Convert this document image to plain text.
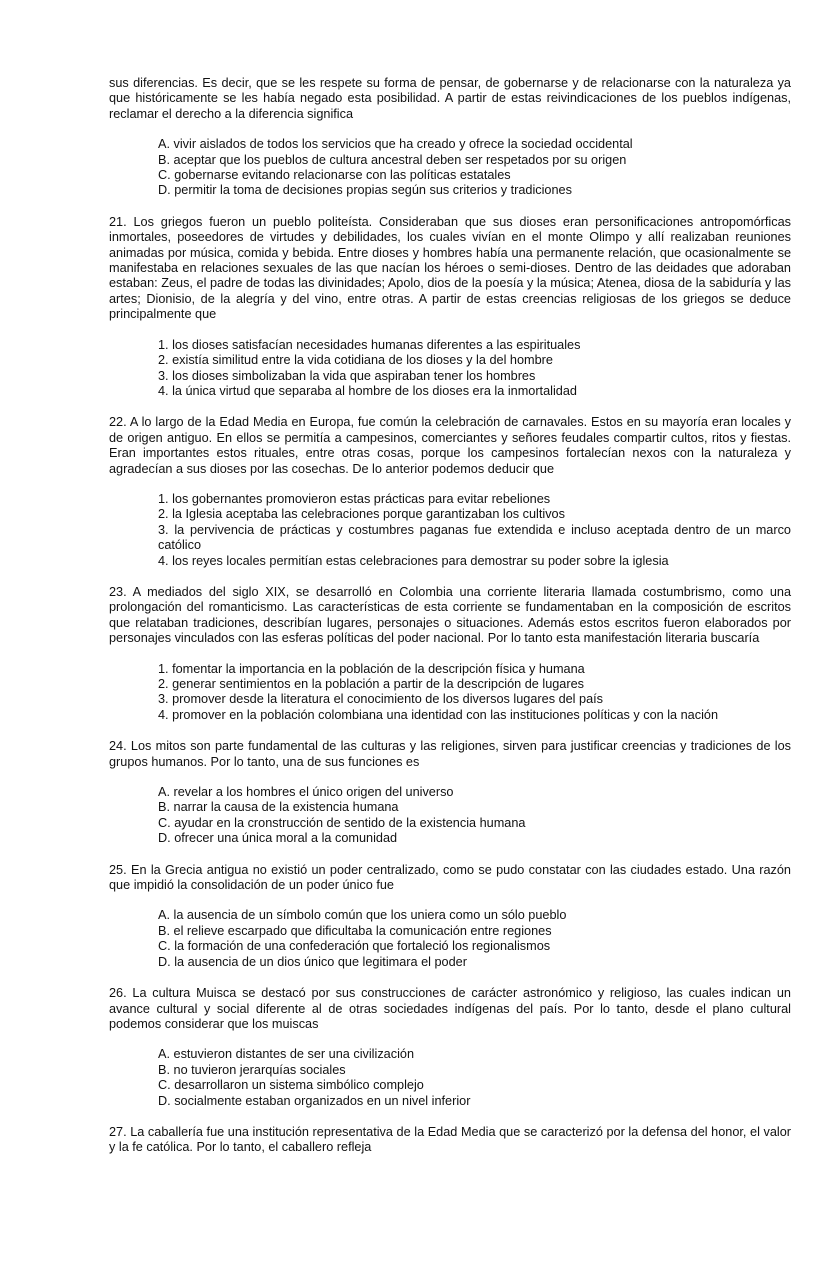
sus diferencias. Es decir, que se les respete su forma de pensar, de gobernarse y de relacionarse con la naturaleza ya que históricamente se les había negado esta posibilidad. A partir de estas reivindicaciones de los pueblos indígenas, reclamar el derecho a la diferencia significa

A. vivir aislados de todos los servicios que ha creado y ofrece la sociedad occidental
B. aceptar que los pueblos de cultura ancestral deben ser respetados por su origen
C. gobernarse evitando relacionarse con las políticas estatales
D. permitir la toma de decisiones propias según sus criterios y tradiciones

21. Los griegos fueron un pueblo politeísta. Consideraban que sus dioses eran personificaciones antropomórficas inmortales, poseedores de virtudes y debilidades, los cuales vivían en el monte Olimpo y allí realizaban reuniones animadas por música, comida y bebida. Entre dioses y hombres había una permanente relación, que ocasionalmente se manifestaba en relaciones sexuales de las que nacían los héroes o semi-dioses. Dentro de las deidades que adoraban estaban: Zeus, el padre de todas las divinidades; Apolo, dios de la poesía y la música; Atenea, diosa de la sabiduría y las artes; Dionisio, de la alegría y del vino, entre otras. A partir de estas creencias religiosas de los griegos se deduce principalmente que

1. los dioses satisfacían necesidades humanas diferentes a las espirituales
2. existía similitud entre la vida cotidiana de los dioses y la del hombre
3. los dioses simbolizaban la vida que aspiraban tener los hombres
4. la única virtud que separaba al hombre de los dioses era la inmortalidad

22. A lo largo de la Edad Media en Europa, fue común la celebración de carnavales. Estos en su mayoría eran locales y de origen antiguo. En ellos se permitía a campesinos, comerciantes y señores feudales compartir cultos, ritos y fiestas. Eran importantes estos rituales, entre otras cosas, porque los campesinos fortalecían nexos con la naturaleza y agradecían a sus dioses por las cosechas. De lo anterior podemos deducir que

1. los gobernantes promovieron estas prácticas para evitar rebeliones
2. la Iglesia aceptaba las celebraciones porque garantizaban los cultivos
3. la pervivencia de prácticas y costumbres paganas fue extendida e incluso aceptada dentro de un marco católico
4. los reyes locales permitían estas celebraciones para demostrar su poder sobre la iglesia

23. A mediados del siglo XIX, se desarrolló en Colombia una corriente literaria llamada costumbrismo, como una prolongación del romanticismo. Las características de esta corriente se fundamentaban en la composición de escritos que relataban tradiciones, describían lugares, personajes o situaciones. Además estos escritos fueron elaborados por personajes vinculados con las esferas políticas del poder nacional. Por lo tanto esta manifestación literaria buscaría

1. fomentar la importancia en la población de la descripción física y humana
2. generar sentimientos en la población a partir de la descripción de lugares
3. promover desde la literatura el conocimiento de los diversos lugares del país
4. promover en la población colombiana una identidad con las instituciones políticas y con la nación

24. Los mitos son parte fundamental de las culturas y las religiones, sirven para justificar creencias y tradiciones de los grupos humanos. Por lo tanto, una de sus funciones es

A. revelar a los hombres el único origen del universo
B. narrar la causa de la existencia humana
C. ayudar en la cronstrucción de sentido de la existencia humana
D. ofrecer una única moral a la comunidad

25. En la Grecia antigua no existió un poder centralizado, como se pudo constatar con las ciudades estado. Una razón que impidió la consolidación de un poder único fue

A. la ausencia de un símbolo común que los uniera como un sólo pueblo
B. el relieve escarpado que dificultaba la comunicación entre regiones
C. la formación de una confederación que fortaleció los regionalismos
D. la ausencia de un dios único que legitimara el poder

26. La cultura Muisca se destacó por sus construcciones de carácter astronómico y religioso, las cuales indican un avance cultural y social diferente al de otras sociedades indígenas del país. Por lo tanto, desde el plano cultural podemos considerar que los muiscas

A. estuvieron distantes de ser una civilización
B. no tuvieron jerarquías sociales
C. desarrollaron un sistema simbólico complejo
D. socialmente estaban organizados en un nivel inferior

27. La caballería fue una institución representativa de la Edad Media que se caracterizó por la defensa del honor, el valor y la fe católica. Por lo tanto, el caballero refleja
